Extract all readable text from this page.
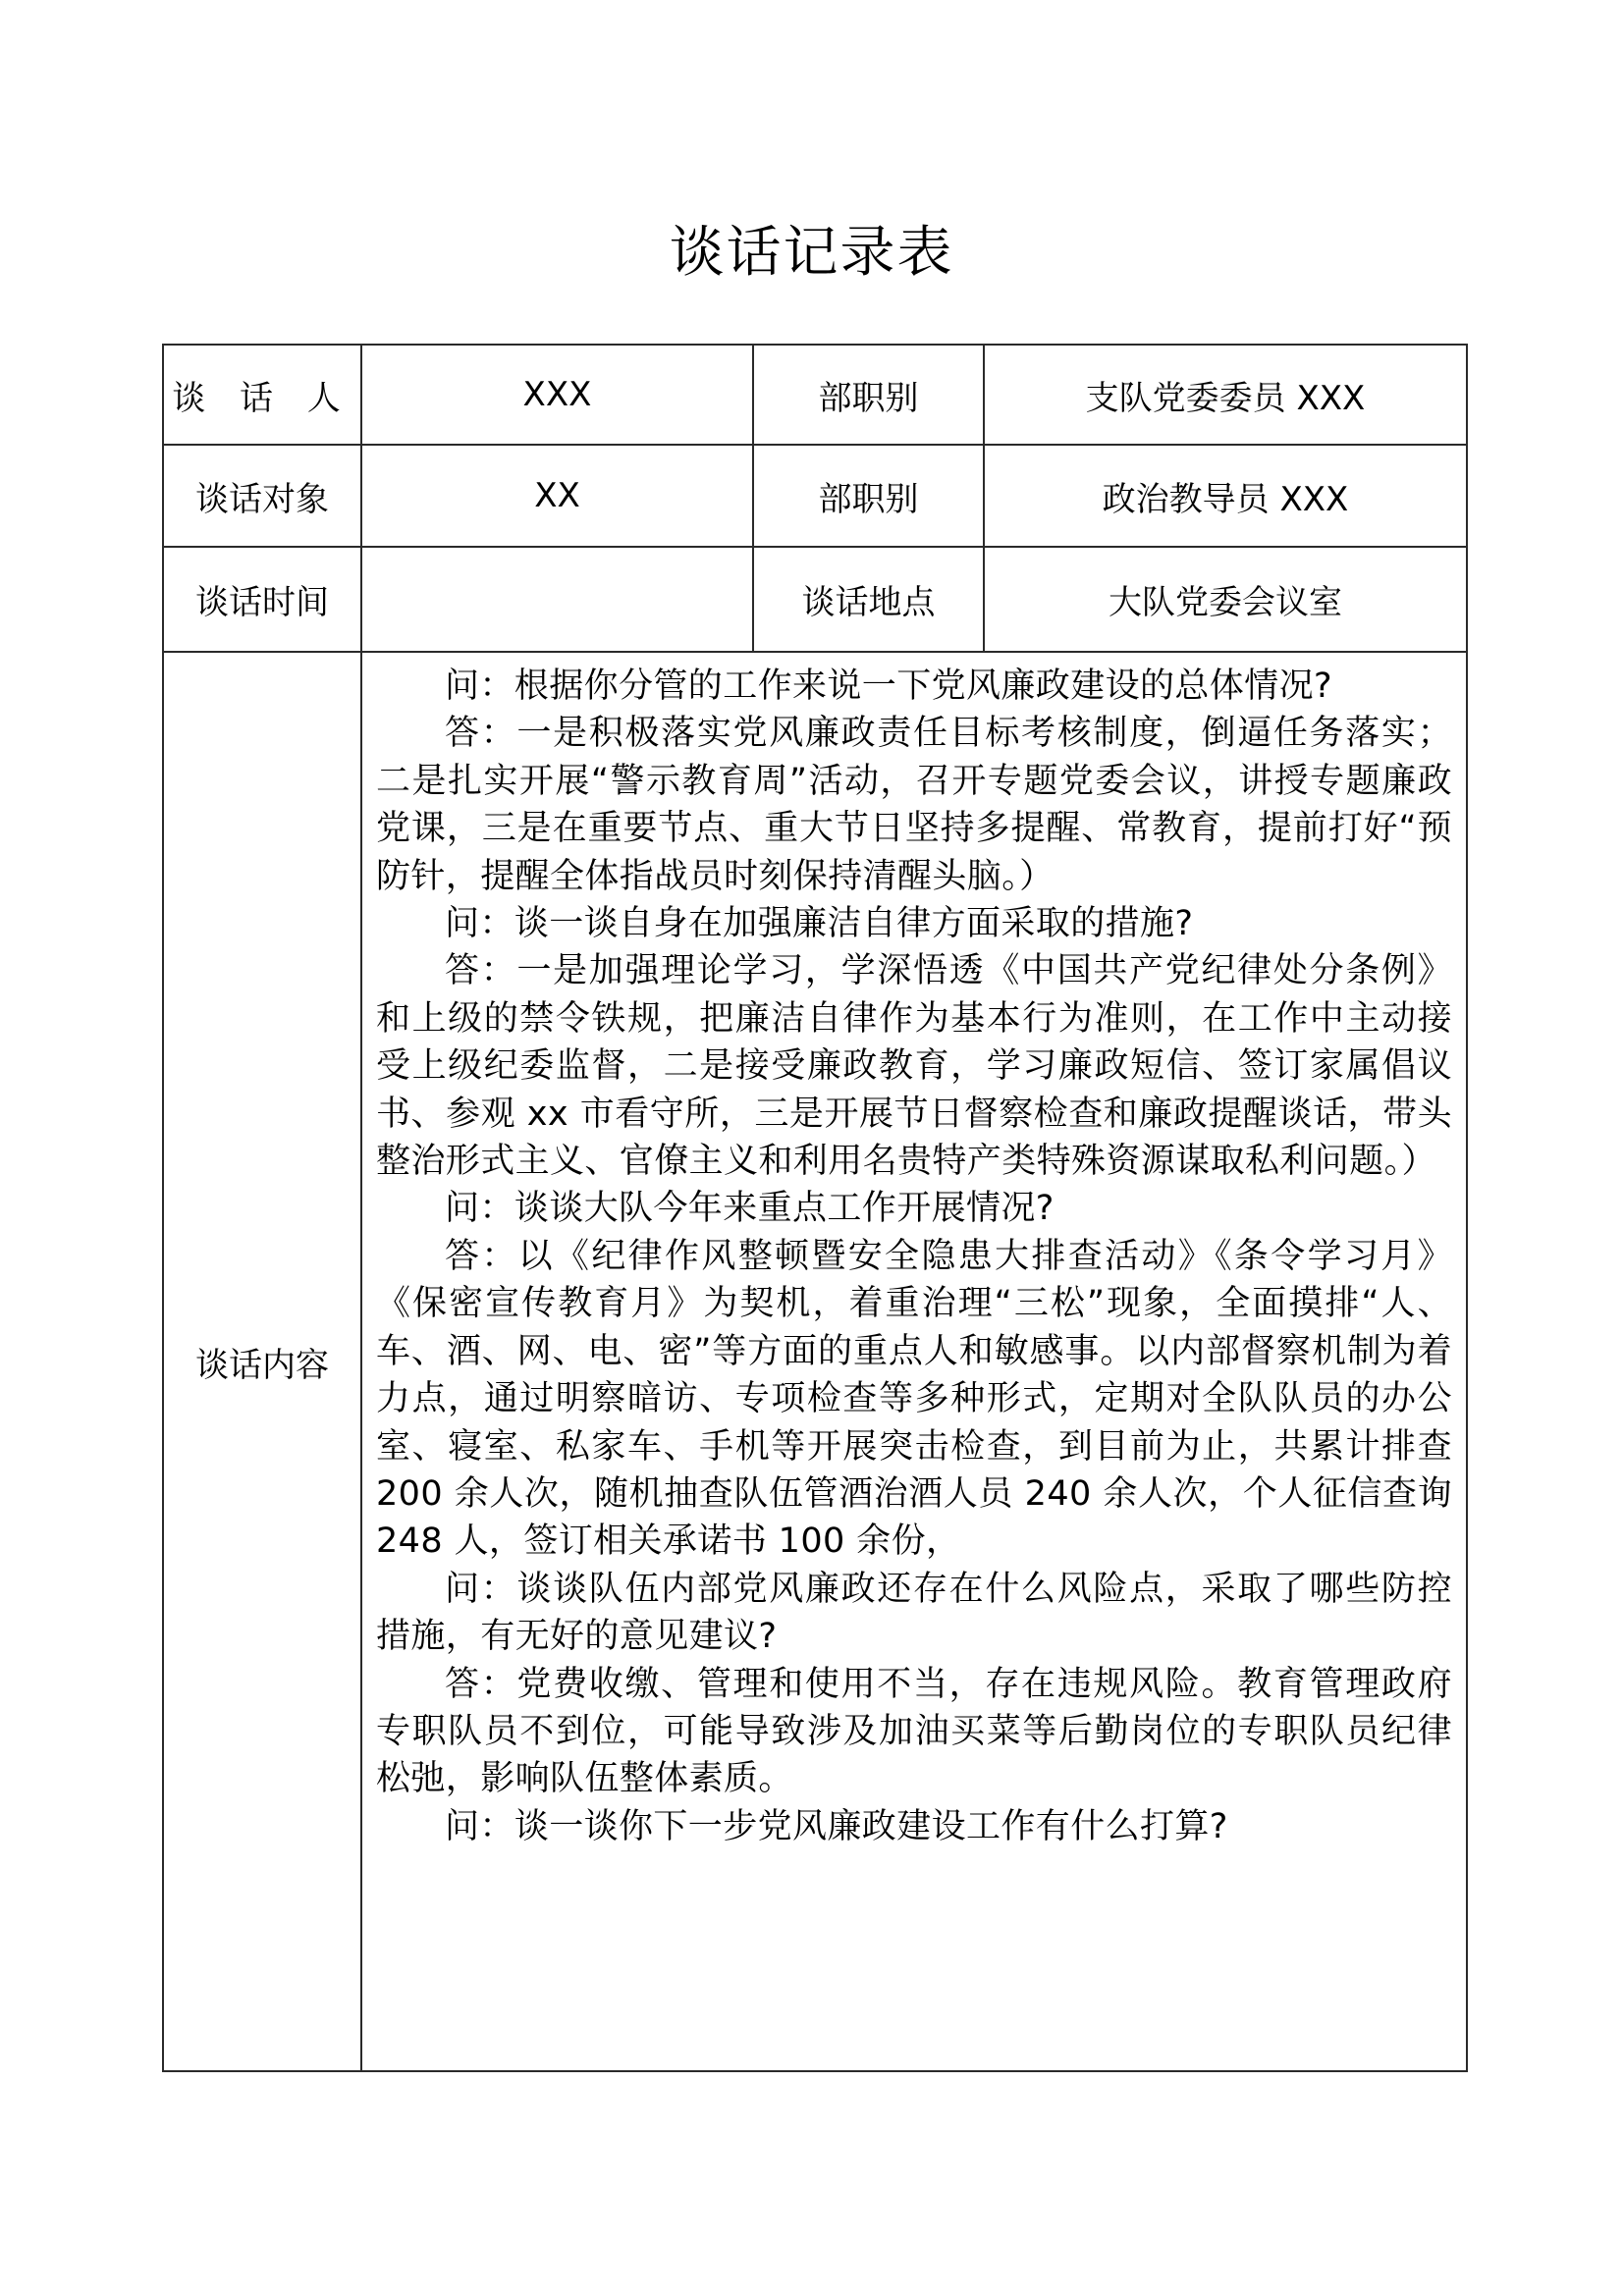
谈话记录表
谈 话 人	XXX	部职别	支队党委委员 XXX
谈话对象	XX	部职别	政治教导员 XXX
谈话时间		谈话地点	大队党委会议室
谈话内容	

问：根据你分管的工作来说一下党风廉政建设的总体情况?

答：一是积极落实党风廉政责任目标考核制度，倒逼任务落实；二是扎实开展“警示教育周”活动，召开专题党委会议，讲授专题廉政党课，三是在重要节点、重大节日坚持多提醒、常教育，提前打好“预防针，提醒全体指战员时刻保持清醒头脑。）

问：谈一谈自身在加强廉洁自律方面采取的措施?

答：一是加强理论学习，学深悟透《中国共产党纪律处分条例》和上级的禁令铁规，把廉洁自律作为基本行为准则，在工作中主动接受上级纪委监督，二是接受廉政教育，学习廉政短信、签订家属倡议书、参观 xx 市看守所，三是开展节日督察检查和廉政提醒谈话，带头整治形式主义、官僚主义和利用名贵特产类特殊资源谋取私利问题。）

问：谈谈大队今年来重点工作开展情况?

答：以《纪律作风整顿暨安全隐患大排查活动》《条令学习月》《保密宣传教育月》为契机，着重治理“三松”现象，全面摸排“人、车、酒、网、电、密”等方面的重点人和敏感事。以内部督察机制为着力点，通过明察暗访、专项检查等多种形式，定期对全队队员的办公室、寝室、私家车、手机等开展突击检查，到目前为止，共累计排查 200 余人次，随机抽查队伍管酒治酒人员 240 余人次，个人征信查询 248 人，签订相关承诺书 100 余份，

问：谈谈队伍内部党风廉政还存在什么风险点，采取了哪些防控措施，有无好的意见建议?

答：党费收缴、管理和使用不当，存在违规风险。教育管理政府专职队员不到位，可能导致涉及加油买菜等后勤岗位的专职队员纪律松弛，影响队伍整体素质。

问：谈一谈你下一步党风廉政建设工作有什么打算?
